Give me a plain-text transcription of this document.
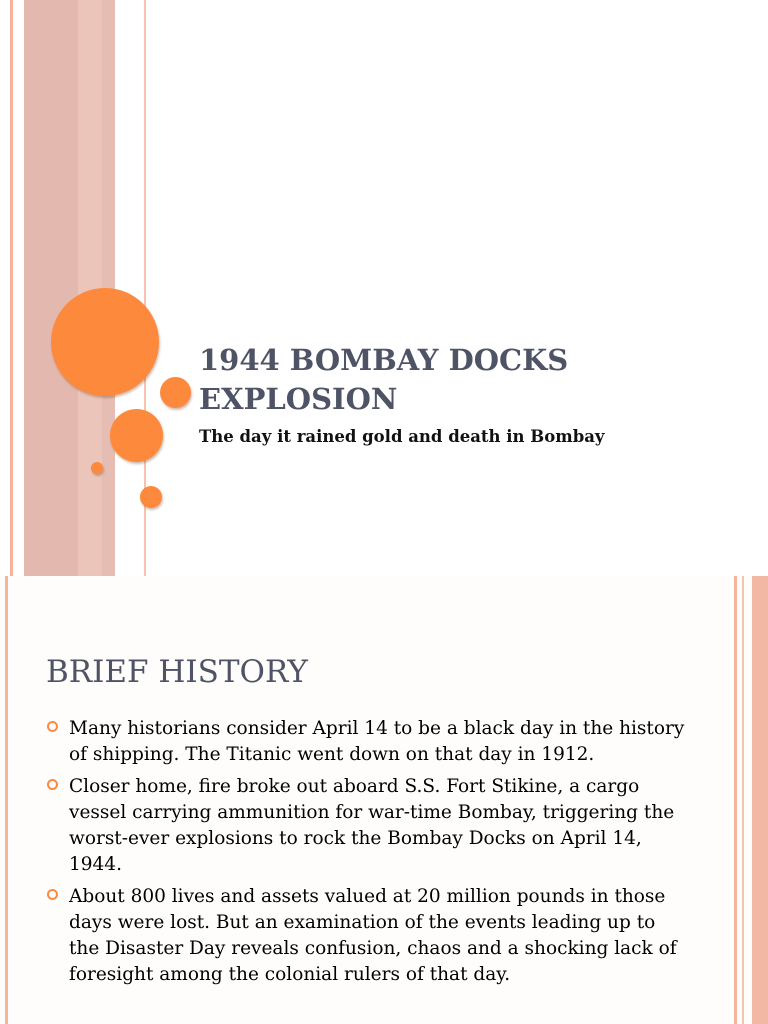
1944 BOMBAY DOCKS
EXPLOSION

The day it rained gold and death in Bombay

BRIEF HISTORY
Many historians consider April 14 to be a black day in the history of shipping. The Titanic went down on that day in 1912.
Closer home, fire broke out aboard S.S. Fort Stikine, a cargo vessel carrying ammunition for war-time Bombay, triggering the worst-ever explosions to rock the Bombay Docks on April 14, 1944.
About 800 lives and assets valued at 20 million pounds in those days were lost. But an examination of the events leading up to the Disaster Day reveals confusion, chaos and a shocking lack of foresight among the colonial rulers of that day.
